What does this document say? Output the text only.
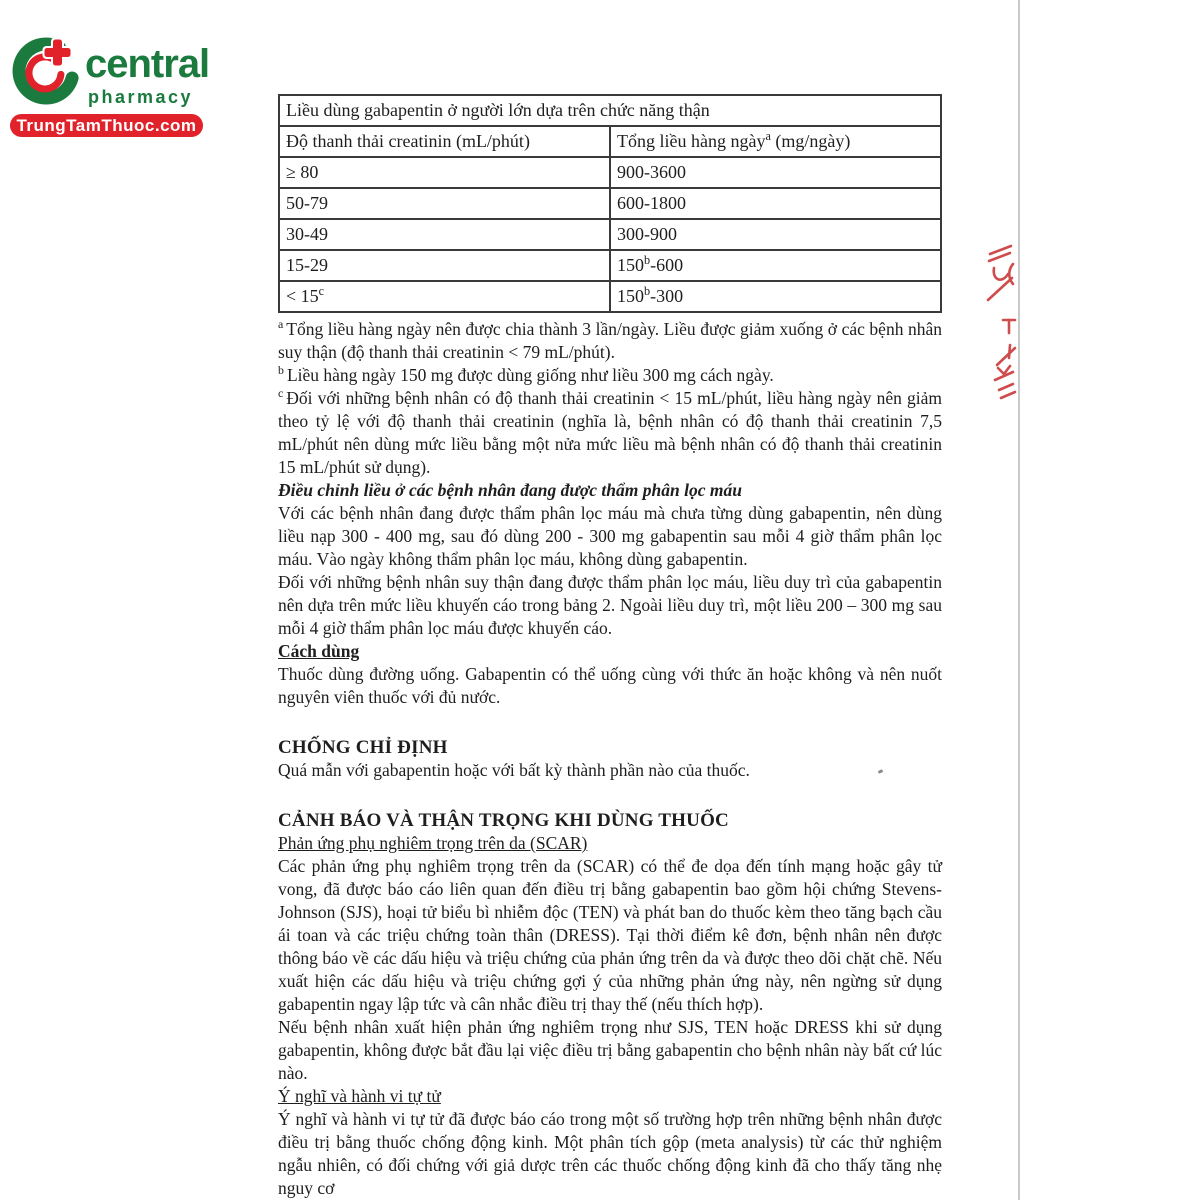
central
pharmacy
TrungTamThuoc.com
Liều dùng gabapentin ở người lớn dựa trên chức năng thận	
Độ thanh thải creatinin (mL/phút)	Tổng liều hàng ngày$^a$ (mg/ngày)
≥ 80	900-3600
50-79	600-1800
30-49	300-900
15-29	$150^b-600$
< $15^c$	150$^b$-300

$^a$ Tổng liều hàng ngày nên được chia thành 3 lần/ngày. Liều được giảm xuống ở các bệnh nhân suy thận (độ thanh thải creatinin < 79 mL/phút).

$^b$ Liều hàng ngày 150 mg được dùng giống như liều 300 mg cách ngày.

$^c$ Đối với những bệnh nhân có độ thanh thải creatinin < 15 mL/phút, liều hàng ngày nên giảm theo tỷ lệ với độ thanh thải creatinin (nghĩa là, bệnh nhân có độ thanh thải creatinin 7,5 mL/phút nên dùng mức liều bằng một nửa mức liều mà bệnh nhân có độ thanh thải creatinin 15 mL/phút sử dụng).

Điều chỉnh liều ở các bệnh nhân đang được thẩm phân lọc máu

Với các bệnh nhân đang được thẩm phân lọc máu mà chưa từng dùng gabapentin, nên dùng liều nạp 300 - 400 mg, sau đó dùng 200 - 300 mg gabapentin sau mỗi 4 giờ thẩm phân lọc máu. Vào ngày không thẩm phân lọc máu, không dùng gabapentin.

Đối với những bệnh nhân suy thận đang được thẩm phân lọc máu, liều duy trì của gabapentin nên dựa trên mức liều khuyến cáo trong bảng 2. Ngoài liều duy trì, một liều 200 – 300 mg sau mỗi 4 giờ thẩm phân lọc máu được khuyến cáo.

Cách dùng

Thuốc dùng đường uống. Gabapentin có thể uống cùng với thức ăn hoặc không và nên nuốt nguyên viên thuốc với đủ nước.

CHỐNG CHỈ ĐỊNH

Quá mẫn với gabapentin hoặc với bất kỳ thành phần nào của thuốc.

CẢNH BÁO VÀ THẬN TRỌNG KHI DÙNG THUỐC

Phản ứng phụ nghiêm trọng trên da (SCAR)

Các phản ứng phụ nghiêm trọng trên da (SCAR) có thể đe dọa đến tính mạng hoặc gây tử vong, đã được báo cáo liên quan đến điều trị bằng gabapentin bao gồm hội chứng Stevens-Johnson (SJS), hoại tử biểu bì nhiễm độc (TEN) và phát ban do thuốc kèm theo tăng bạch cầu ái toan và các triệu chứng toàn thân (DRESS). Tại thời điểm kê đơn, bệnh nhân nên được thông báo về các dấu hiệu và triệu chứng của phản ứng trên da và được theo dõi chặt chẽ. Nếu xuất hiện các dấu hiệu và triệu chứng gợi ý của những phản ứng này, nên ngừng sử dụng gabapentin ngay lập tức và cân nhắc điều trị thay thế (nếu thích hợp).

Nếu bệnh nhân xuất hiện phản ứng nghiêm trọng như SJS, TEN hoặc DRESS khi sử dụng gabapentin, không được bắt đầu lại việc điều trị bằng gabapentin cho bệnh nhân này bất cứ lúc nào.

Ý nghĩ và hành vi tự tử

Ý nghĩ và hành vi tự tử đã được báo cáo trong một số trường hợp trên những bệnh nhân được điều trị bằng thuốc chống động kinh. Một phân tích gộp (meta analysis) từ các thử nghiệm ngẫu nhiên, có đối chứng với giả dược trên các thuốc chống động kinh đã cho thấy tăng nhẹ nguy cơ
